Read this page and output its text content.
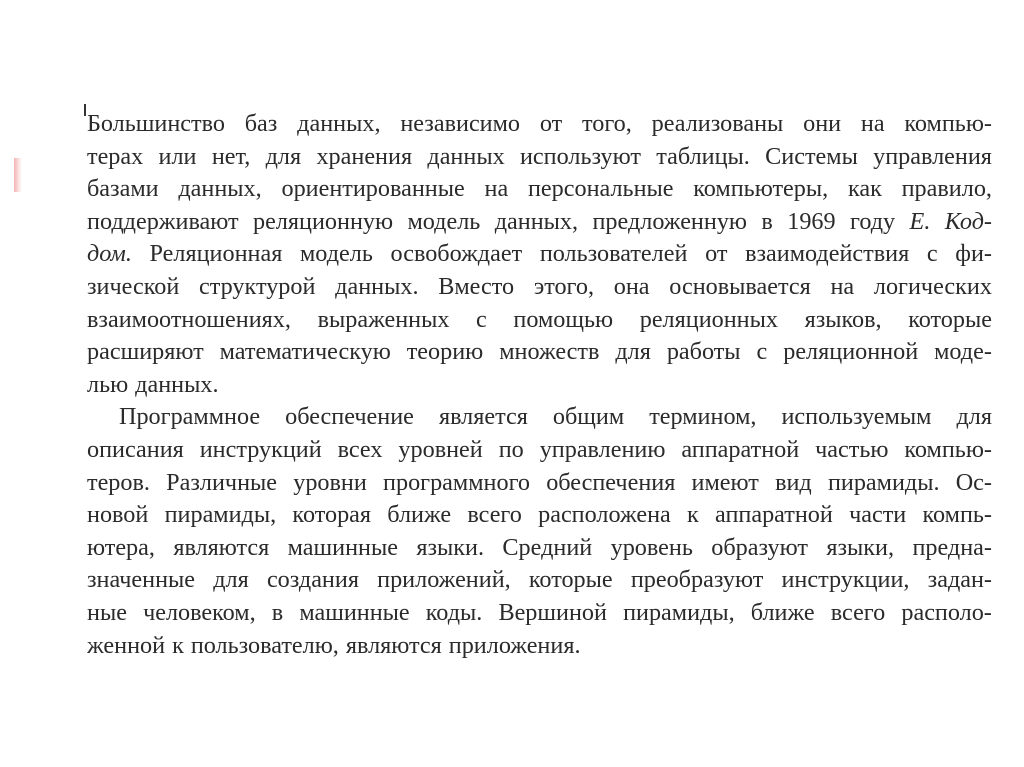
Большинство баз данных, независимо от того, реализованы они на компью-
терах или нет, для хранения данных используют таблицы. Системы управления
базами данных, ориентированные на персональные компьютеры, как правило,
поддерживают реляционную модель данных, предложенную в 1969 году Е. Код-
дом. Реляционная модель освобождает пользователей от взаимодействия с фи-
зической структурой данных. Вместо этого, она основывается на логических
взаимоотношениях, выраженных с помощью реляционных языков, которые
расширяют математическую теорию множеств для работы с реляционной моде-
лью данных.
Программное обеспечение является общим термином, используемым для
описания инструкций всех уровней по управлению аппаратной частью компью-
теров. Различные уровни программного обеспечения имеют вид пирамиды. Ос-
новой пирамиды, которая ближе всего расположена к аппаратной части компь-
ютера, являются машинные языки. Средний уровень образуют языки, предна-
значенные для создания приложений, которые преобразуют инструкции, задан-
ные человеком, в машинные коды. Вершиной пирамиды, ближе всего располо-
женной к пользователю, являются приложения.
